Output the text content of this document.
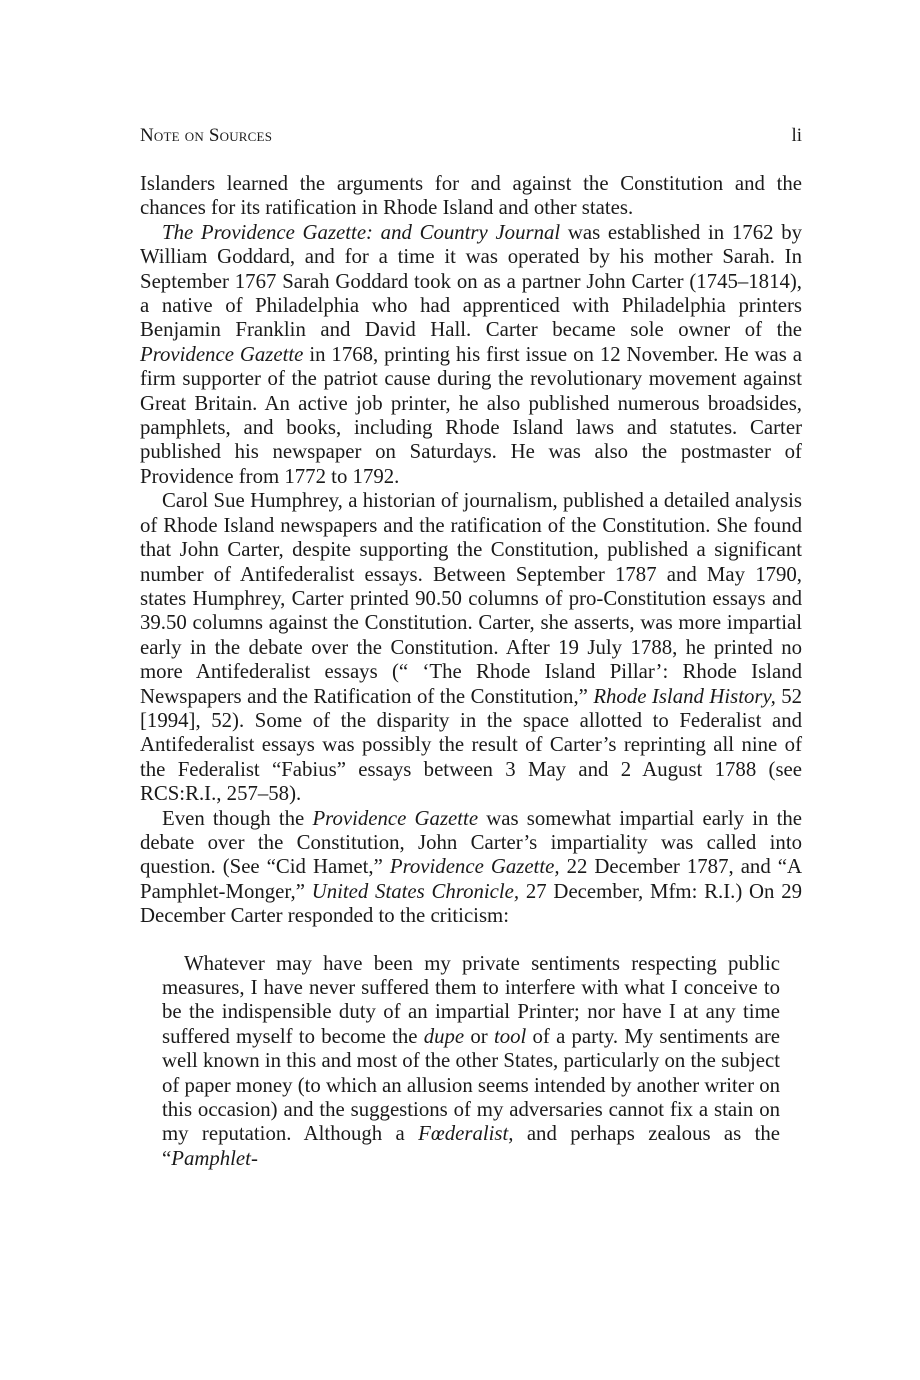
Note on Sources	li

Islanders learned the arguments for and against the Constitution and the chances for its ratification in Rhode Island and other states.

The Providence Gazette: and Country Journal was established in 1762 by William Goddard, and for a time it was operated by his mother Sarah. In September 1767 Sarah Goddard took on as a partner John Carter (1745–1814), a native of Philadelphia who had apprenticed with Philadelphia printers Benjamin Franklin and David Hall. Carter became sole owner of the Providence Gazette in 1768, printing his first issue on 12 November. He was a firm supporter of the patriot cause during the revolutionary movement against Great Britain. An active job printer, he also published numerous broadsides, pamphlets, and books, including Rhode Island laws and statutes. Carter published his newspaper on Saturdays. He was also the postmaster of Providence from 1772 to 1792.

Carol Sue Humphrey, a historian of journalism, published a detailed analysis of Rhode Island newspapers and the ratification of the Constitution. She found that John Carter, despite supporting the Constitution, published a significant number of Antifederalist essays. Between September 1787 and May 1790, states Humphrey, Carter printed 90.50 columns of pro-Constitution essays and 39.50 columns against the Constitution. Carter, she asserts, was more impartial early in the debate over the Constitution. After 19 July 1788, he printed no more Antifederalist essays (“ ‘The Rhode Island Pillar’: Rhode Island Newspapers and the Ratification of the Constitution,” Rhode Island History, 52 [1994], 52). Some of the disparity in the space allotted to Federalist and Antifederalist essays was possibly the result of Carter’s reprinting all nine of the Federalist “Fabius” essays between 3 May and 2 August 1788 (see RCS:R.I., 257–58).

Even though the Providence Gazette was somewhat impartial early in the debate over the Constitution, John Carter’s impartiality was called into question. (See “Cid Hamet,” Providence Gazette, 22 December 1787, and “A Pamphlet-Monger,” United States Chronicle, 27 December, Mfm: R.I.) On 29 December Carter responded to the criticism:

Whatever may have been my private sentiments respecting public measures, I have never suffered them to interfere with what I conceive to be the indispensible duty of an impartial Printer; nor have I at any time suffered myself to become the dupe or tool of a party. My sentiments are well known in this and most of the other States, particularly on the subject of paper money (to which an allusion seems intended by another writer on this occasion) and the suggestions of my adversaries cannot fix a stain on my reputation. Although a Fœderalist, and perhaps zealous as the “Pamphlet-
